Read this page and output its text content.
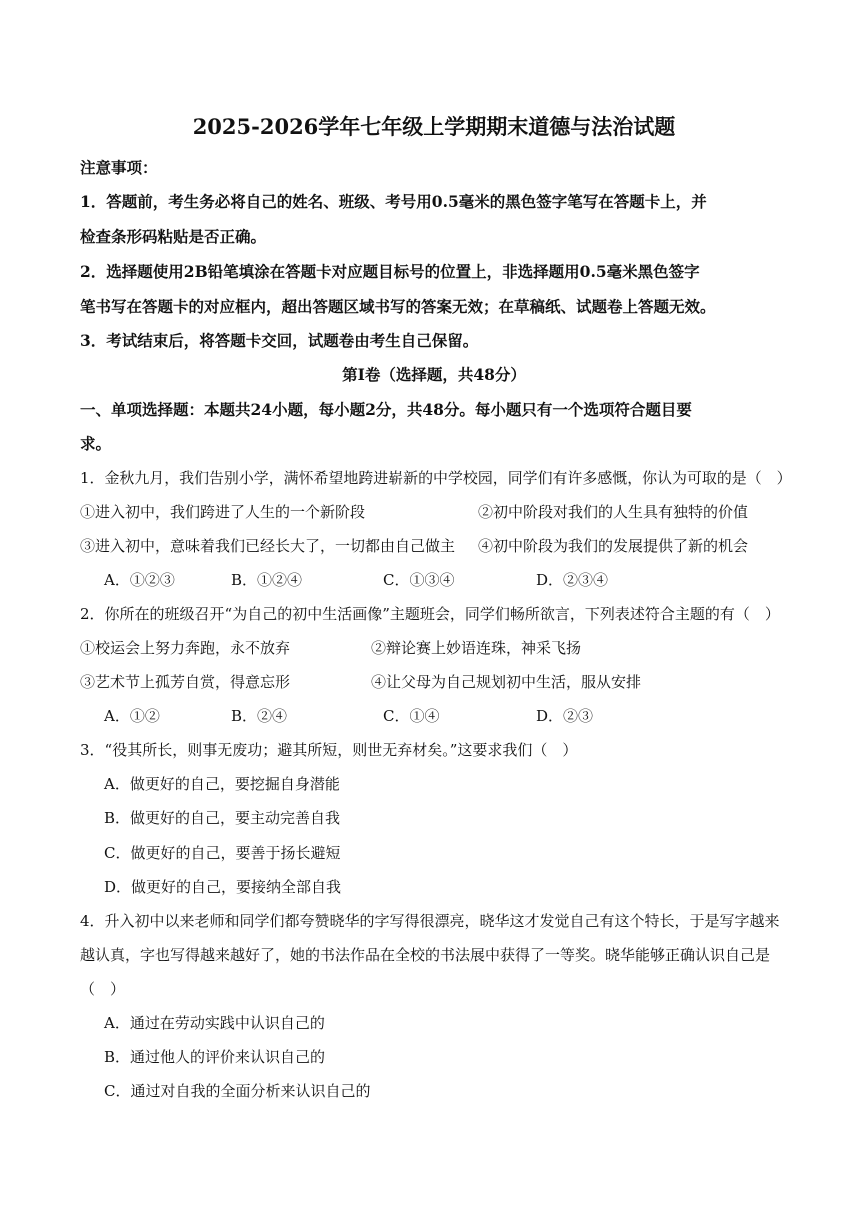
2025-2026学年七年级上学期期末道德与法治试题
注意事项：
1．答题前，考生务必将自己的姓名、班级、考号用0.5毫米的黑色签字笔写在答题卡上，并
检查条形码粘贴是否正确。
2．选择题使用2B铅笔填涂在答题卡对应题目标号的位置上，非选择题用0.5毫米黑色签字
笔书写在答题卡的对应框内，超出答题区域书写的答案无效；在草稿纸、试题卷上答题无效。
3．考试结束后，将答题卡交回，试题卷由考生自己保留。
第I卷（选择题，共48分）
一、单项选择题：本题共24小题，每小题2分，共48分。每小题只有一个选项符合题目要
求。
1．金秋九月，我们告别小学，满怀希望地跨进崭新的中学校园，同学们有许多感慨，你认为可取的是（　）
①进入初中，我们跨进了人生的一个新阶段	②初中阶段对我们的人生具有独特的价值
③进入初中，意味着我们已经长大了，一切都由自己做主 ④初中阶段为我们的发展提供了新的机会
A．①②③	B．①②④	C．①③④	D．②③④
2．你所在的班级召开“为自己的初中生活画像”主题班会，同学们畅所欲言，下列表述符合主题的有（　）
①校运会上努力奔跑，永不放弃	②辩论赛上妙语连珠，神采飞扬
③艺术节上孤芳自赏，得意忘形	④让父母为自己规划初中生活，服从安排
A．①②	B．②④	C．①④	D．②③
3．“役其所长，则事无废功；避其所短，则世无弃材矣。”这要求我们（　）
A．做更好的自己，要挖掘自身潜能
B．做更好的自己，要主动完善自我
C．做更好的自己，要善于扬长避短
D．做更好的自己，要接纳全部自我
4．升入初中以来老师和同学们都夸赞晓华的字写得很漂亮，晓华这才发觉自己有这个特长，于是写字越来
越认真，字也写得越来越好了，她的书法作品在全校的书法展中获得了一等奖。晓华能够正确认识自己是
（　）
A．通过在劳动实践中认识自己的
B．通过他人的评价来认识自己的
C．通过对自我的全面分析来认识自己的
